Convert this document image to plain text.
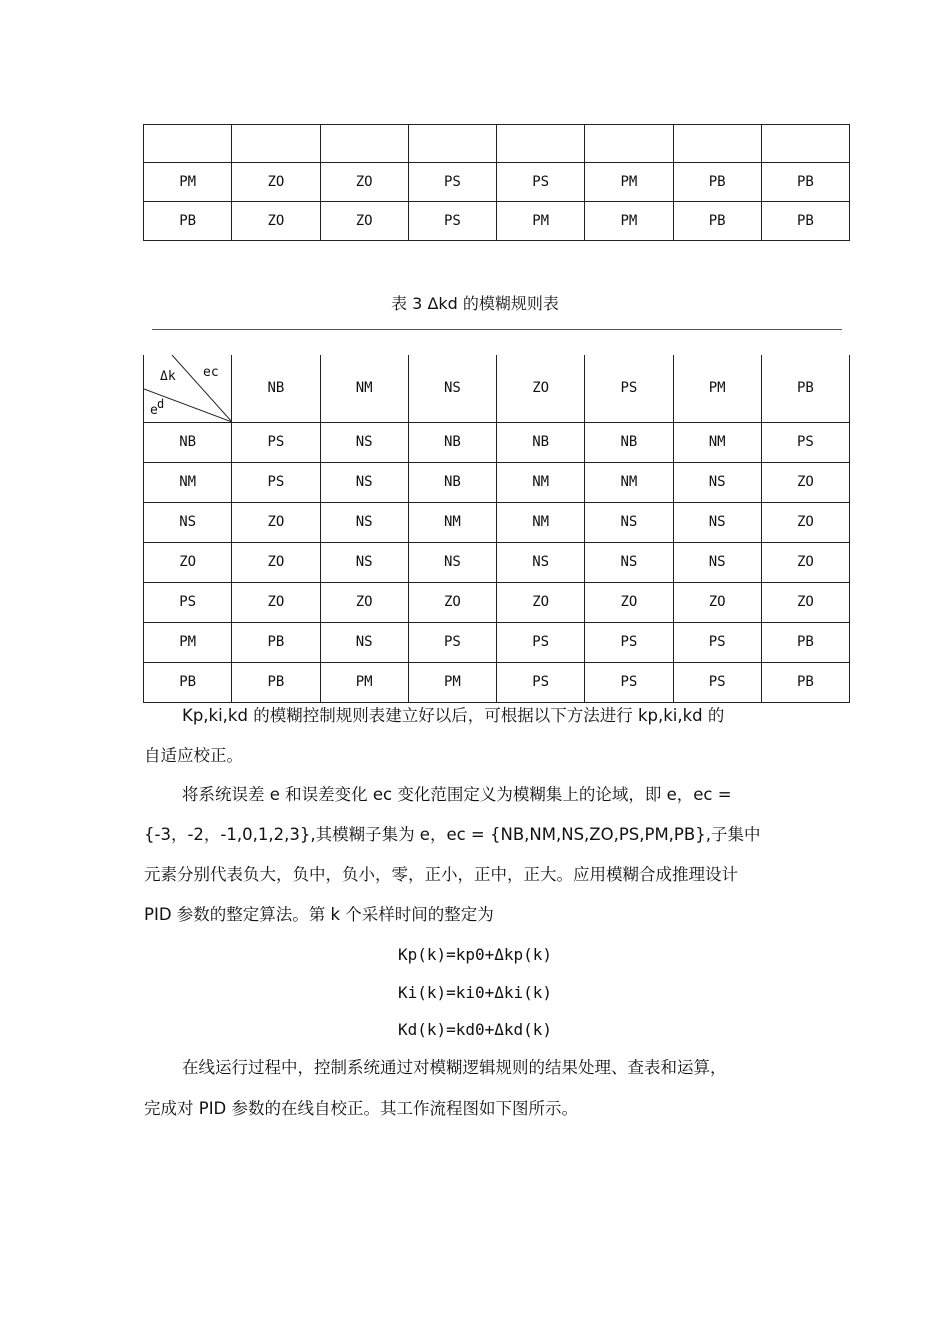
PM	ZO	ZO	PS	PS	PM	PB	PB
PB	ZO	ZO	PS	PM	PM	PB	PB
表 3 Δkd 的模糊规则表
Δk ec
e d	NB	NM	NS	ZO	PS	PM	PB
NB	PS	NS	NB	NB	NB	NM	PS
NM	PS	NS	NB	NM	NM	NS	ZO
NS	ZO	NS	NM	NM	NS	NS	ZO
ZO	ZO	NS	NS	NS	NS	NS	ZO
PS	ZO	ZO	ZO	ZO	ZO	ZO	ZO
PM	PB	NS	PS	PS	PS	PS	PB
PB	PB	PM	PM	PS	PS	PS	PB

Kp,ki,kd 的模糊控制规则表建立好以后，可根据以下方法进行 kp,ki,kd 的

自适应校正。

将系统误差 e 和误差变化 ec 变化范围定义为模糊集上的论域，即 e，ec =

{-3，-2，-1,0,1,2,3},其模糊子集为 e，ec = {NB,NM,NS,ZO,PS,PM,PB},子集中

元素分别代表负大，负中，负小，零，正小，正中，正大。应用模糊合成推理设计

PID 参数的整定算法。第 k 个采样时间的整定为

Kp(k)=kp0+Δkp(k)

Ki(k)=ki0+Δki(k)

Kd(k)=kd0+Δkd(k)

在线运行过程中，控制系统通过对模糊逻辑规则的结果处理、查表和运算，

完成对 PID 参数的在线自校正。其工作流程图如下图所示。
